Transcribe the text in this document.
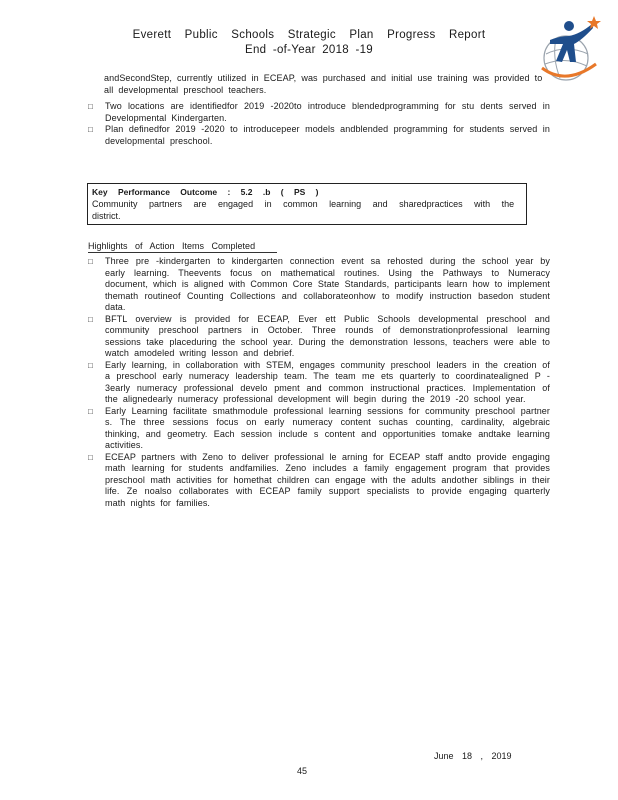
Everett Public Schools Strategic Plan Progress Report
End -of-Year 2018 -19
andSecondStep, currently utilized in ECEAP, was purchased and initial use training was provided to all developmental preschool teachers.
□ Two locations are identifiedfor 2019 -2020to introduce blendedprogramming for stu dents served in Developmental Kindergarten.
□ Plan definedfor 2019 -2020 to introducepeer models andblended programming for students served in developmental preschool.
Key Performance Outcome : 5.2 .b ( PS )
Community partners are engaged in common learning and sharedpractices with the district.
Highlights of Action Items Completed
□ Three pre -kindergarten to kindergarten connection event sa rehosted during the school year by early learning. Theevents focus on mathematical routines. Using the Pathways to Numeracy document, which is aligned with Common Core State Standards, participants learn how to implement themath routineof Counting Collections and collaborateonhow to modify instruction basedon student data.
□ BFTL overview is provided for ECEAP, Ever ett Public Schools developmental preschool and community preschool partners in October. Three rounds of demonstrationprofessional learning sessions take placeduring the school year. During the demonstration lessons, teachers were able to watch amodeled writing lesson and debrief.
□ Early learning, in collaboration with STEM, engages community preschool leaders in the creation of a preschool early numeracy leadership team. The team me ets quarterly to coordinatealigned P - 3early numeracy professional develo pment and common instructional practices. Implementation of the alignedearly numeracy professional development will begin during the 2019 -20 school year.
□ Early Learning facilitate smathmodule professional learning sessions for community preschool partner s. The three sessions focus on early numeracy content suchas counting, cardinality, algebraic thinking, and geometry. Each session include s content and opportunities tomake andtake learning activities.
□ ECEAP partners with Zeno to deliver professional le arning for ECEAP staff andto provide engaging math learning for students andfamilies. Zeno includes a family engagement program that provides preschool math activities for homethat children can engage with the adults andother siblings in their life. Ze noalso collaborates with ECEAP family support specialists to provide engaging quarterly math nights for families.
June 18 , 2019
45
